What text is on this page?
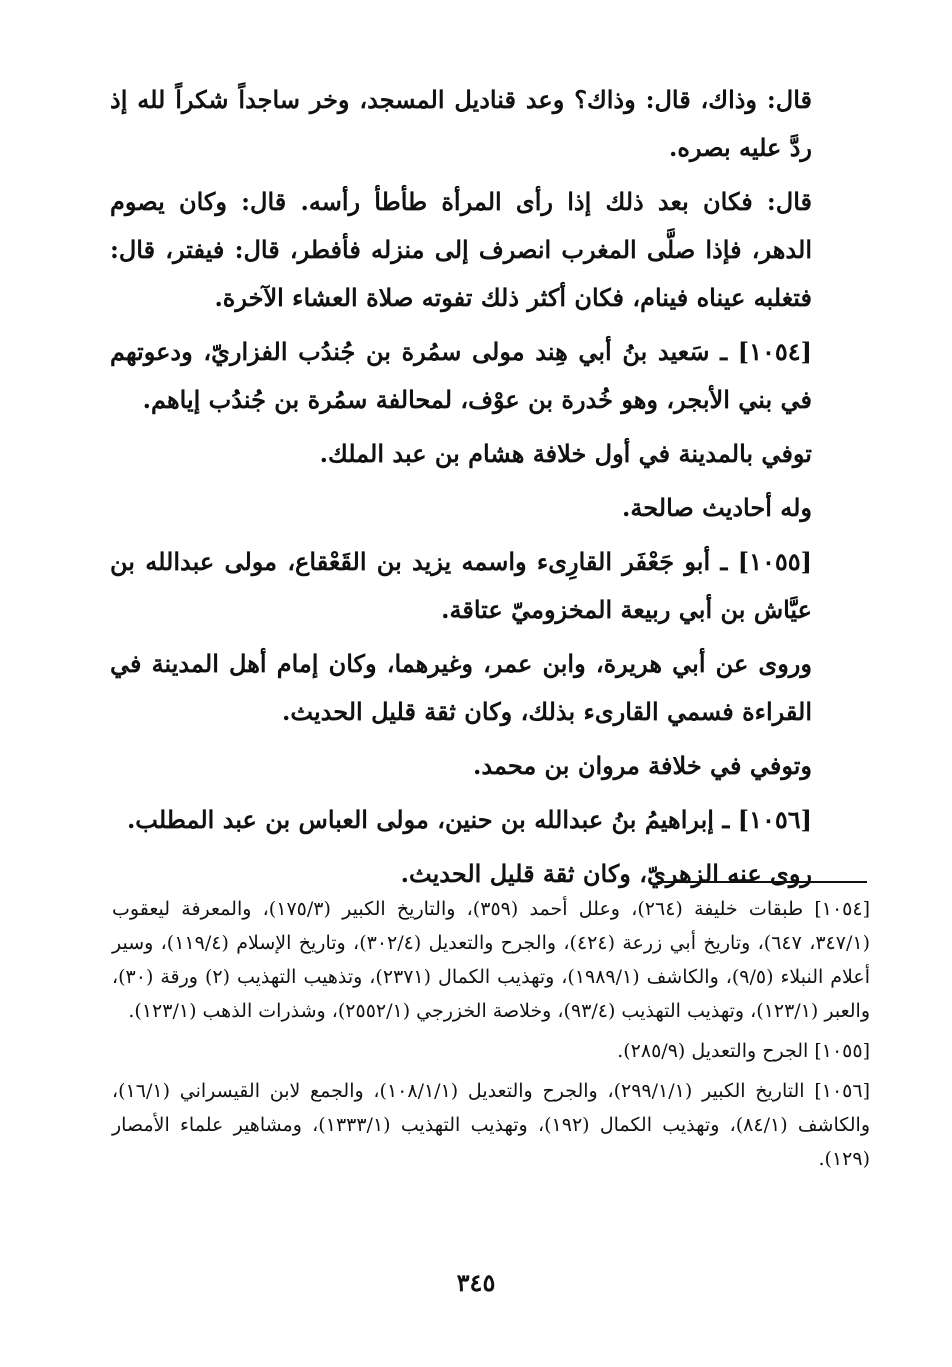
قال: وذاك، قال: وذاك؟ وعد قناديل المسجد، وخر ساجداً شكراً لله إذ ردَّ عليه بصره.

قال: فكان بعد ذلك إذا رأى المرأة طأطأ رأسه. قال: وكان يصوم الدهر، فإذا صلَّى المغرب انصرف إلى منزله فأفطر، قال: فيفتر، قال: فتغلبه عيناه فينام، فكان أكثر ذلك تفوته صلاة العشاء الآخرة.

[١٠٥٤] ـ سَعيد بنُ أبي هِند مولى سمُرة بن جُندُب الفزاريّ، ودعوتهم في بني الأبجر، وهو خُدرة بن عوْف، لمحالفة سمُرة بن جُندُب إياهم.

توفي بالمدينة في أول خلافة هشام بن عبد الملك.

وله أحاديث صالحة.

[١٠٥٥] ـ أبو جَعْفَر القارِىء واسمه يزيد بن القَعْقاع، مولى عبدالله بن عيَّاش بن أبي ربيعة المخزوميّ عتاقة.

وروى عن أبي هريرة، وابن عمر، وغيرهما، وكان إمام أهل المدينة في القراءة فسمي القارىء بذلك، وكان ثقة قليل الحديث.

وتوفي في خلافة مروان بن محمد.

[١٠٥٦] ـ إبراهيمُ بنُ عبدالله بن حنين، مولى العباس بن عبد المطلب.

روى عنه الزهريّ، وكان ثقة قليل الحديث.

[١٠٥٤] طبقات خليفة (٢٦٤)، وعلل أحمد (٣٥٩)، والتاريخ الكبير (١٧٥/٣)، والمعرفة ليعقوب (٣٤٧/١، ٦٤٧)، وتاريخ أبي زرعة (٤٢٤)، والجرح والتعديل (٣٠٢/٤)، وتاريخ الإسلام (١١٩/٤)، وسير أعلام النبلاء (٩/٥)، والكاشف (١٩٨٩/١)، وتهذيب الكمال (٢٣٧١)، وتذهيب التهذيب (٢) ورقة (٣٠)، والعبر (١٢٣/١)، وتهذيب التهذيب (٩٣/٤)، وخلاصة الخزرجي (٢٥٥٢/١)، وشذرات الذهب (١٢٣/١).

[١٠٥٥] الجرح والتعديل (٢٨٥/٩).

[١٠٥٦] التاريخ الكبير (٢٩٩/١/١)، والجرح والتعديل (١٠٨/١/١)، والجمع لابن القيسراني (١٦/١)، والكاشف (٨٤/١)، وتهذيب الكمال (١٩٢)، وتهذيب التهذيب (١٣٣٣/١)، ومشاهير علماء الأمصار (١٢٩).

٣٤٥
